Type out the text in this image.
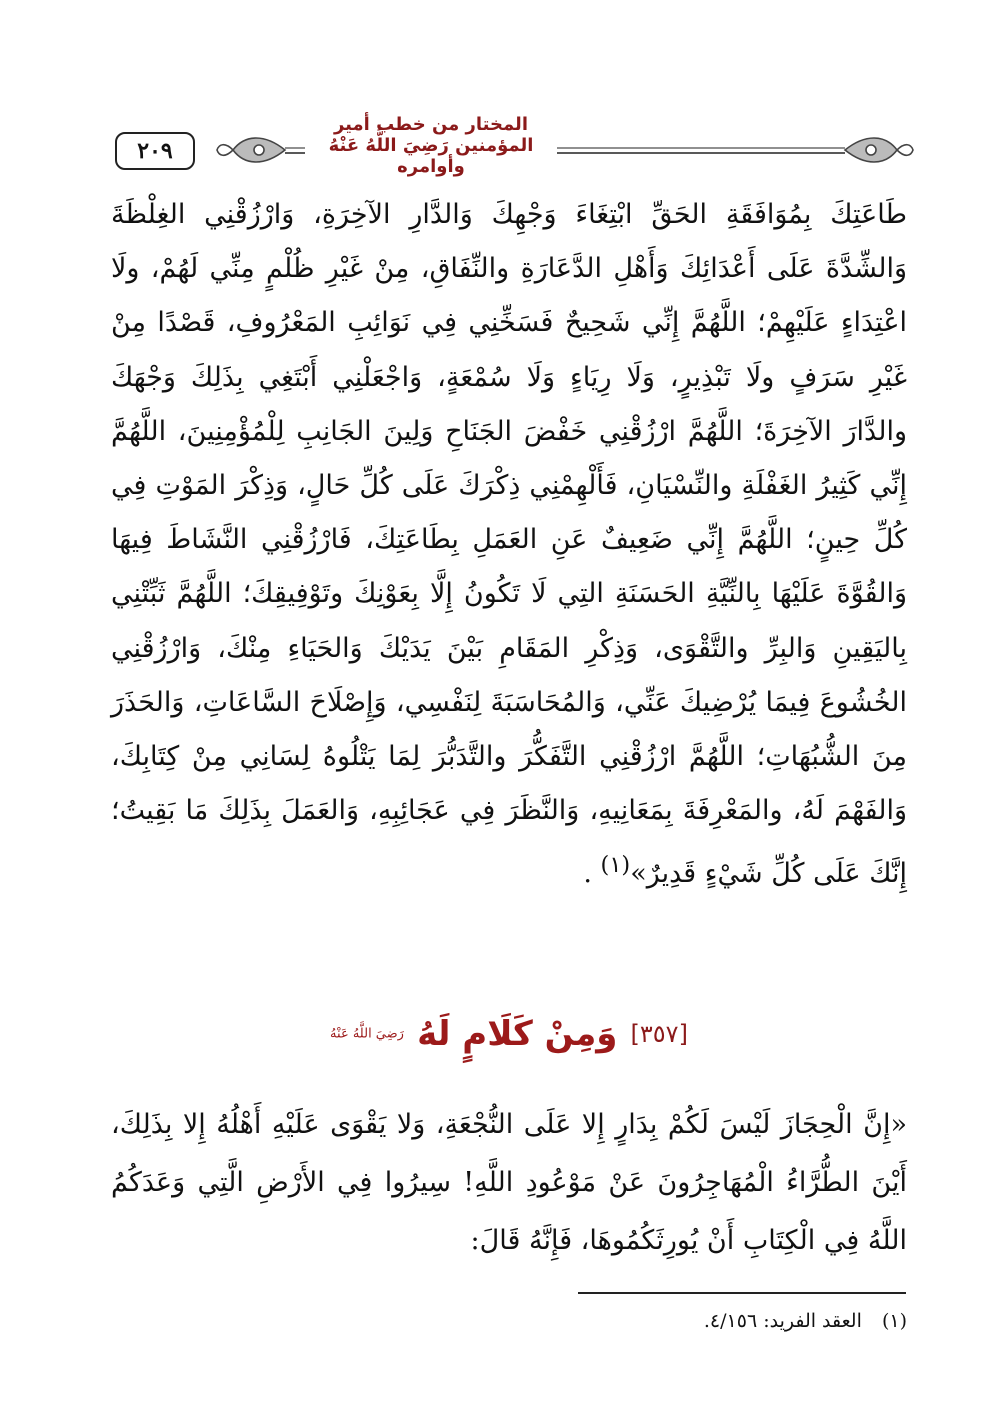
٢٠٩
المختار من خطب أمير المؤمنين رَضِيَ اللَّهُ عَنْهُ وأوامره

طَاعَتِكَ بِمُوَافَقَةِ الحَقِّ ابْتِغَاءَ وَجْهِكَ وَالدَّارِ الآخِرَةِ، وَارْزُقْنِي الغِلْظَةَ وَالشِّدَّةَ عَلَى أَعْدَائِكَ وَأَهْلِ الدَّعَارَةِ والنِّفَاقِ، مِنْ غَيْرِ ظُلْمٍ مِنِّي لَهُمْ، ولَا اعْتِدَاءٍ عَلَيْهِمْ؛ اللَّهُمَّ إِنِّي شَحِيحٌ فَسَخِّنِي فِي نَوَائِبِ المَعْرُوفِ، قَصْدًا مِنْ غَيْرِ سَرَفٍ ولَا تَبْذِيرٍ، وَلَا رِيَاءٍ وَلَا سُمْعَةٍ، وَاجْعَلْنِي أَبْتَغِي بِذَلِكَ وَجْهَكَ والدَّارَ الآخِرَةَ؛ اللَّهُمَّ ارْزُقْنِي خَفْضَ الجَنَاحِ وَلِينَ الجَانِبِ لِلْمُؤْمِنِينَ، اللَّهُمَّ إِنِّي كَثِيرُ الغَفْلَةِ والنِّسْيَانِ، فَأَلْهِمْنِي ذِكْرَكَ عَلَى كُلِّ حَالٍ، وَذِكْرَ المَوْتِ فِي كُلِّ حِينٍ؛ اللَّهُمَّ إِنِّي ضَعِيفٌ عَنِ العَمَلِ بِطَاعَتِكَ، فَارْزُقْنِي النَّشَاطَ فِيهَا وَالقُوَّةَ عَلَيْهَا بِالنِّيَّةِ الحَسَنَةِ التِي لَا تَكُونُ إِلَّا بِعَوْنِكَ وتَوْفِيقِكَ؛ اللَّهُمَّ ثَبِّتْنِي بِاليَقِينِ وَالبِرِّ والتَّقْوَى، وَذِكْرِ المَقَامِ بَيْنَ يَدَيْكَ وَالحَيَاءِ مِنْكَ، وَارْزُقْنِي الخُشُوعَ فِيمَا يُرْضِيكَ عَنِّي، وَالمُحَاسَبَةَ لِنَفْسِي، وَإِصْلَاحَ السَّاعَاتِ، وَالحَذَرَ مِنَ الشُّبُهَاتِ؛ اللَّهُمَّ ارْزُقْنِي التَّفَكُّرَ والتَّدَبُّرَ لِمَا يَتْلُوهُ لِسَانِي مِنْ كِتَابِكَ، وَالفَهْمَ لَهُ، والمَعْرِفَةَ بِمَعَانِيهِ، وَالنَّظَرَ فِي عَجَائِبِهِ، وَالعَمَلَ بِذَلِكَ مَا بَقِيتُ؛ إِنَّكَ عَلَى كُلِّ شَيْءٍ قَدِيرٌ»$^{(١)}$ .

[٣٥٧] وَمِنْ كَلَامٍ لَهُ رَضِيَ اللَّهُ عَنْهُ

«إِنَّ الْحِجَازَ لَيْسَ لَكُمْ بِدَارٍ إِلا عَلَى النُّجْعَةِ، وَلا يَقْوَى عَلَيْهِ أَهْلُهُ إِلا بِذَلِكَ، أَيْنَ الطُّرَّاءُ الْمُهَاجِرُونَ عَنْ مَوْعُودِ اللَّهِ! سِيرُوا فِي الأَرْضِ الَّتِي وَعَدَكُمُ اللَّهُ فِي الْكِتَابِ أَنْ يُورِثَكُمُوهَا، فَإِنَّهُ قَالَ:

(١) العقد الفريد: ٤/١٥٦.
